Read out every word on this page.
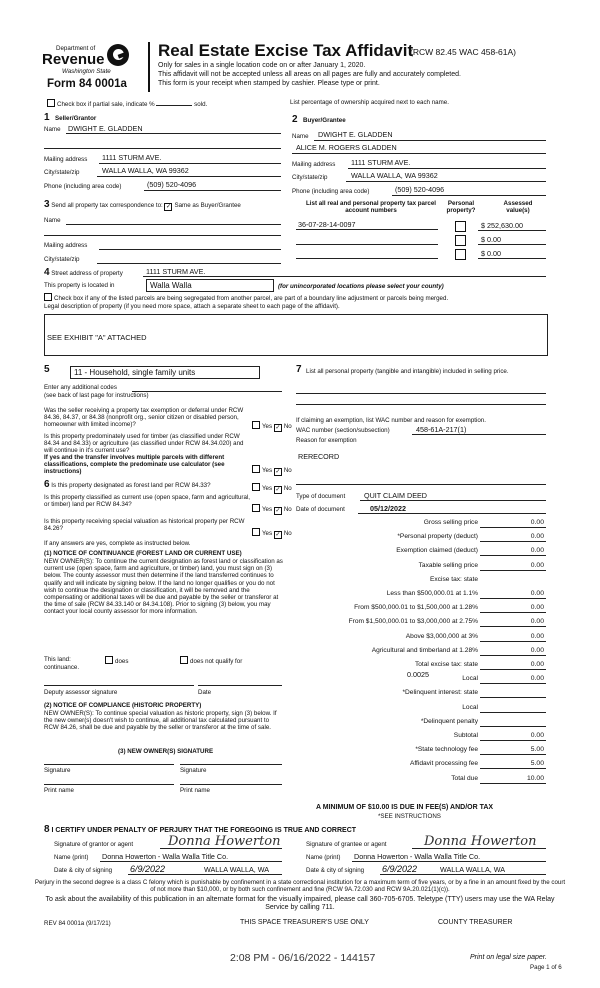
Department of
Revenue
Washington State
Form 84 0001a
Real Estate Excise Tax Affidavit
(RCW 82.45 WAC 458-61A)
Only for sales in a single location code on or after January 1, 2020.
This affidavit will not be accepted unless all areas on all pages are fully and accurately completed.
This form is your receipt when stamped by cashier. Please type or print.
Check box if partial sale, indicate %	sold.	List percentage of ownership acquired next to each name.
1 Seller/Grantor
Name DWIGHT E. GLADDEN
Mailing address 1111 STURM AVE.
City/state/zip	WALLA WALLA, WA 99362
Phone (including area code)	(509) 520-4096
2 Buyer/Grantee
Name DWIGHT E. GLADDEN
ALICE M. ROGERS GLADDEN
Mailing address 1111 STURM AVE.
City/state/zip	WALLA WALLA, WA 99362
Phone (including area code)	(509) 520-4096
3 Send all property tax correspondence to: ✓ Same as Buyer/Grantee
Name
Mailing address
City/state/zip
List all real and personal property tax parcel account numbers
Personal property?
Assessed value(s)
36-07-28-14-0097	$ 252,630.00
$ 0.00
$ 0.00
4 Street address of property	1111 STURM AVE.
This property is located in	Walla Walla	(for unincorporated locations please select your county)
Check box if any of the listed parcels are being segregated from another parcel, are part of a boundary line adjustment or parcels being merged.
Legal description of property (if you need more space, attach a separate sheet to each page of the affidavit).
SEE EXHIBIT "A" ATTACHED
5	11 - Household, single family units
Enter any additional codes
(see back of last page for instructions)
Was the seller receiving a property tax exemption or deferral under RCW 84.36, 84.37, or 84.38 (nonprofit org., senior citizen or disabled person, homeowner with limited income)?	Yes ✓ No
Is this property predominately used for timber (as classified under RCW 84.34 and 84.33) or agriculture (as classified under RCW 84.34.020) and will continue in it's current use?
If yes and the transfer involves multiple parcels with different classifications, complete the predominate use calculator (see instructions)	Yes ✓ No
6 Is this property designated as forest land per RCW 84.33?	Yes ✓ No
Is this property classified as current use (open space, farm and agricultural, or timber) land per RCW 84.34?
Yes ✓ No
Is this property receiving special valuation as historical property per RCW 84.26?
Yes ✓ No
If any answers are yes, complete as instructed below.
(1) NOTICE OF CONTINUANCE (FOREST LAND OR CURRENT USE)
NEW OWNER(S): To continue the current designation as forest land or classification as current use (open space, farm and agriculture, or timber) land, you must sign on (3) below. The county assessor must then determine if the land transferred continues to qualify and will indicate by signing below. If the land no longer qualifies or you do not wish to continue the designation or classification, it will be removed and the compensating or additional taxes will be due and payable by the seller or transferor at the time of sale (RCW 84.33.140 or 84.34.108). Prior to signing (3) below, you may contact your local county assessor for more information.
This land:	does	does not qualify for
continuance.
Deputy assessor signature	Date
(2) NOTICE OF COMPLIANCE (HISTORIC PROPERTY)
NEW OWNER(S): To continue special valuation as historic property, sign (3) below. If the new owner(s) doesn't wish to continue, all additional tax calculated pursuant to RCW 84.26, shall be due and payable by the seller or transferor at the time of sale.
(3) NEW OWNER(S) SIGNATURE
Signature	Signature
Print name	Print name
7 List all personal property (tangible and intangible) included in selling price.
If claiming an exemption, list WAC number and reason for exemption.
WAC number (section/subsection)	458-61A-217(1)
Reason for exemption
RERECORD
Type of document	QUIT CLAIM DEED
Date of document	05/12/2022
Gross selling price	0.00
*Personal property (deduct)	0.00
Exemption claimed (deduct)	0.00
Taxable selling price	0.00
Excise tax: state
Less than $500,000.01 at 1.1%	0.00
From $500,000.01 to $1,500,000 at 1.28%	0.00
From $1,500,000.01 to $3,000,000 at 2.75%	0.00
Above $3,000,000 at 3%	0.00
Agricultural and timberland at 1.28%	0.00
Total excise tax: state	0.00
Local	0.00
*Delinquent interest: state
Local
*Delinquent penalty
Subtotal	0.00
*State technology fee	5.00
Affidavit processing fee	5.00
Total due	10.00
0.0025
A MINIMUM OF $10.00 IS DUE IN FEE(S) AND/OR TAX
*SEE INSTRUCTIONS
8 I CERTIFY UNDER PENALTY OF PERJURY THAT THE FOREGOING IS TRUE AND CORRECT
Signature of grantor or agent	Donna Howerton
Name (print) Donna Howerton - Walla Walla Title Co.
Date & city of signing 6/9/2022	WALLA WALLA, WA
Signature of grantee or agent	Donna Howerton
Name (print) Donna Howerton - Walla Walla Title Co.
Date & city of signing 6/9/2022	WALLA WALLA, WA
Perjury in the second degree is a class C felony which is punishable by confinement in a state correctional institution for a maximum term of five years, or by a fine in an amount fixed by the court of not more than $10,000, or by both such confinement and fine (RCW 9A.72.030 and RCW 9A.20.021(1)(c)).
To ask about the availability of this publication in an alternate format for the visually impaired, please call 360-705-6705. Teletype (TTY) users may use the WA Relay Service by calling 711.
REV 84 0001a (9/17/21)	THIS SPACE TREASURER'S USE ONLY	COUNTY TREASURER
2:08 PM - 06/16/2022 - 144157	Print on legal size paper.
Page 1 of 6
